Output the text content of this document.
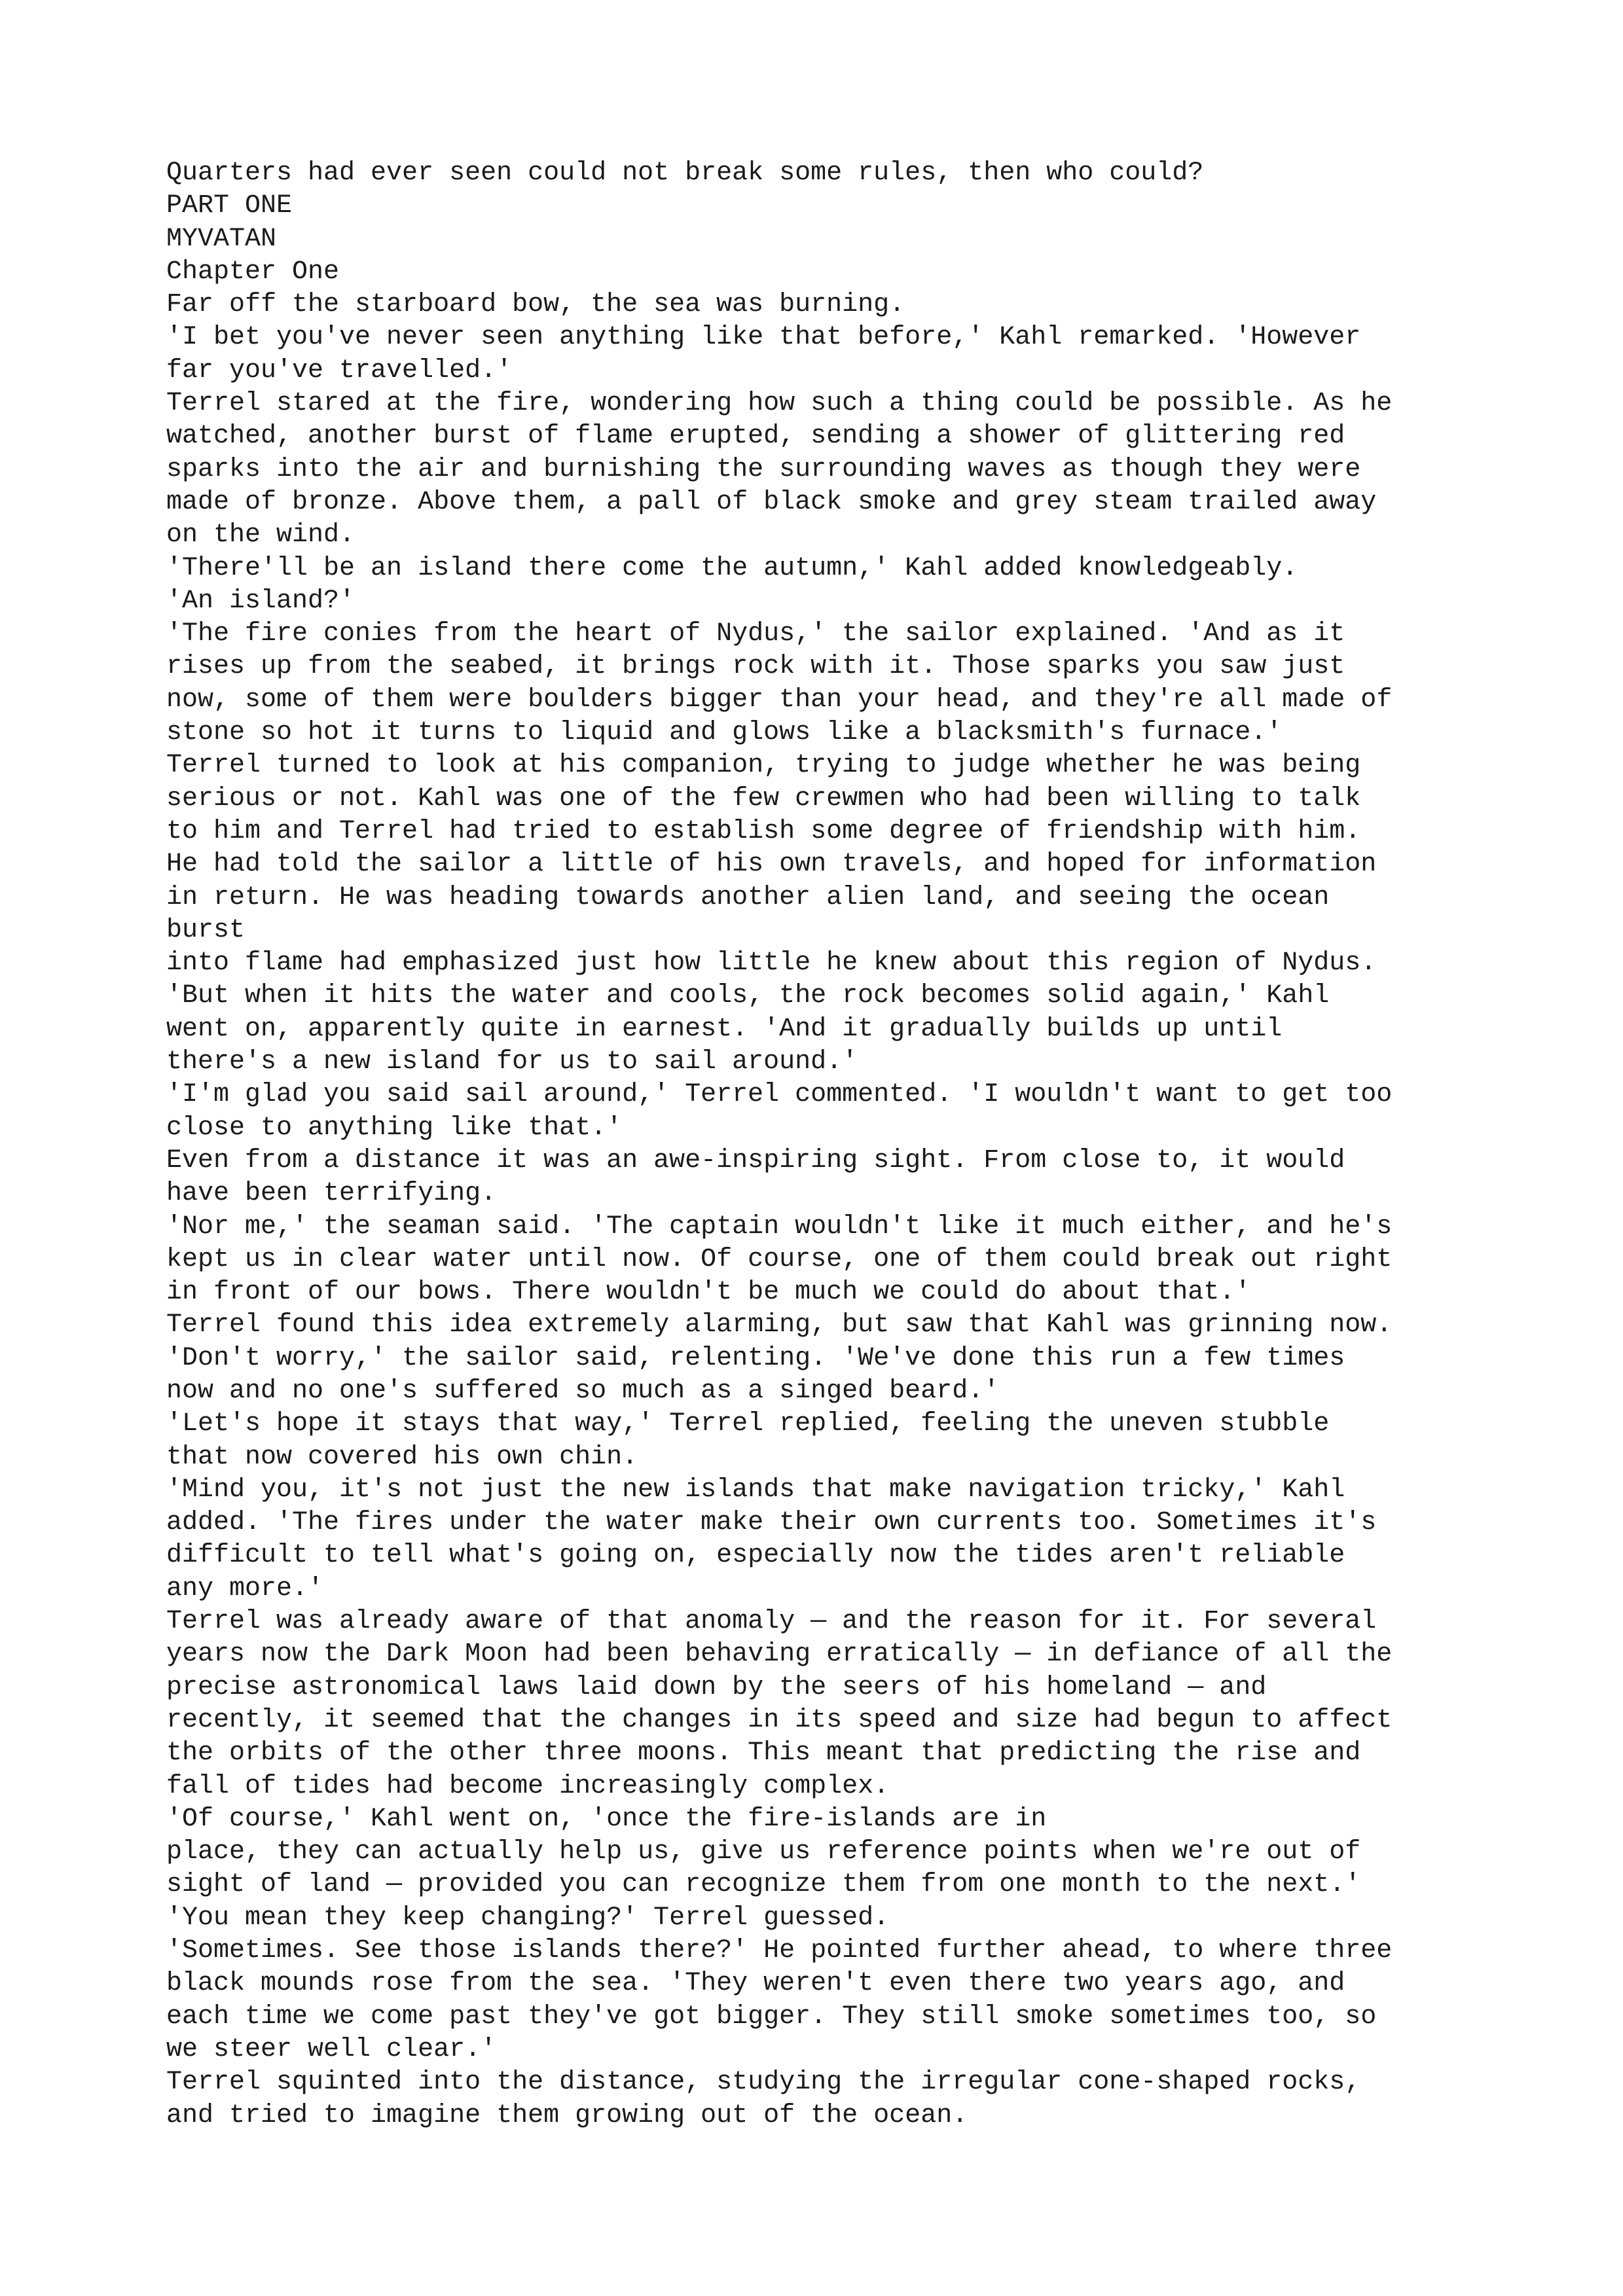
Quarters had ever seen could not break some rules, then who could?
PART ONE
MYVATAN
Chapter One
Far off the starboard bow, the sea was burning.
'I bet you've never seen anything like that before,' Kahl remarked. 'However
far you've travelled.'
Terrel stared at the fire, wondering how such a thing could be possible. As he
watched, another burst of flame erupted, sending a shower of glittering red
sparks into the air and burnishing the surrounding waves as though they were
made of bronze. Above them, a pall of black smoke and grey steam trailed away
on the wind.
'There'll be an island there come the autumn,' Kahl added knowledgeably.
'An island?'
'The fire conies from the heart of Nydus,' the sailor explained. 'And as it
rises up from the seabed, it brings rock with it. Those sparks you saw just
now, some of them were boulders bigger than your head, and they're all made of
stone so hot it turns to liquid and glows like a blacksmith's furnace.'
Terrel turned to look at his companion, trying to judge whether he was being
serious or not. Kahl was one of the few crewmen who had been willing to talk
to him and Terrel had tried to establish some degree of friendship with him.
He had told the sailor a little of his own travels, and hoped for information
in return. He was heading towards another alien land, and seeing the ocean
burst
into flame had emphasized just how little he knew about this region of Nydus.
'But when it hits the water and cools, the rock becomes solid again,' Kahl
went on, apparently quite in earnest. 'And it gradually builds up until
there's a new island for us to sail around.'
'I'm glad you said sail around,' Terrel commented. 'I wouldn't want to get too
close to anything like that.'
Even from a distance it was an awe-inspiring sight. From close to, it would
have been terrifying.
'Nor me,' the seaman said. 'The captain wouldn't like it much either, and he's
kept us in clear water until now. Of course, one of them could break out right
in front of our bows. There wouldn't be much we could do about that.'
Terrel found this idea extremely alarming, but saw that Kahl was grinning now.
'Don't worry,' the sailor said, relenting. 'We've done this run a few times
now and no one's suffered so much as a singed beard.'
'Let's hope it stays that way,' Terrel replied, feeling the uneven stubble
that now covered his own chin.
'Mind you, it's not just the new islands that make navigation tricky,' Kahl
added. 'The fires under the water make their own currents too. Sometimes it's
difficult to tell what's going on, especially now the tides aren't reliable
any more.'
Terrel was already aware of that anomaly — and the reason for it. For several
years now the Dark Moon had been behaving erratically — in defiance of all the
precise astronomical laws laid down by the seers of his homeland — and
recently, it seemed that the changes in its speed and size had begun to affect
the orbits of the other three moons. This meant that predicting the rise and
fall of tides had become increasingly complex.
'Of course,' Kahl went on, 'once the fire-islands are in
place, they can actually help us, give us reference points when we're out of
sight of land — provided you can recognize them from one month to the next.'
'You mean they keep changing?' Terrel guessed.
'Sometimes. See those islands there?' He pointed further ahead, to where three
black mounds rose from the sea. 'They weren't even there two years ago, and
each time we come past they've got bigger. They still smoke sometimes too, so
we steer well clear.'
Terrel squinted into the distance, studying the irregular cone-shaped rocks,
and tried to imagine them growing out of the ocean.
